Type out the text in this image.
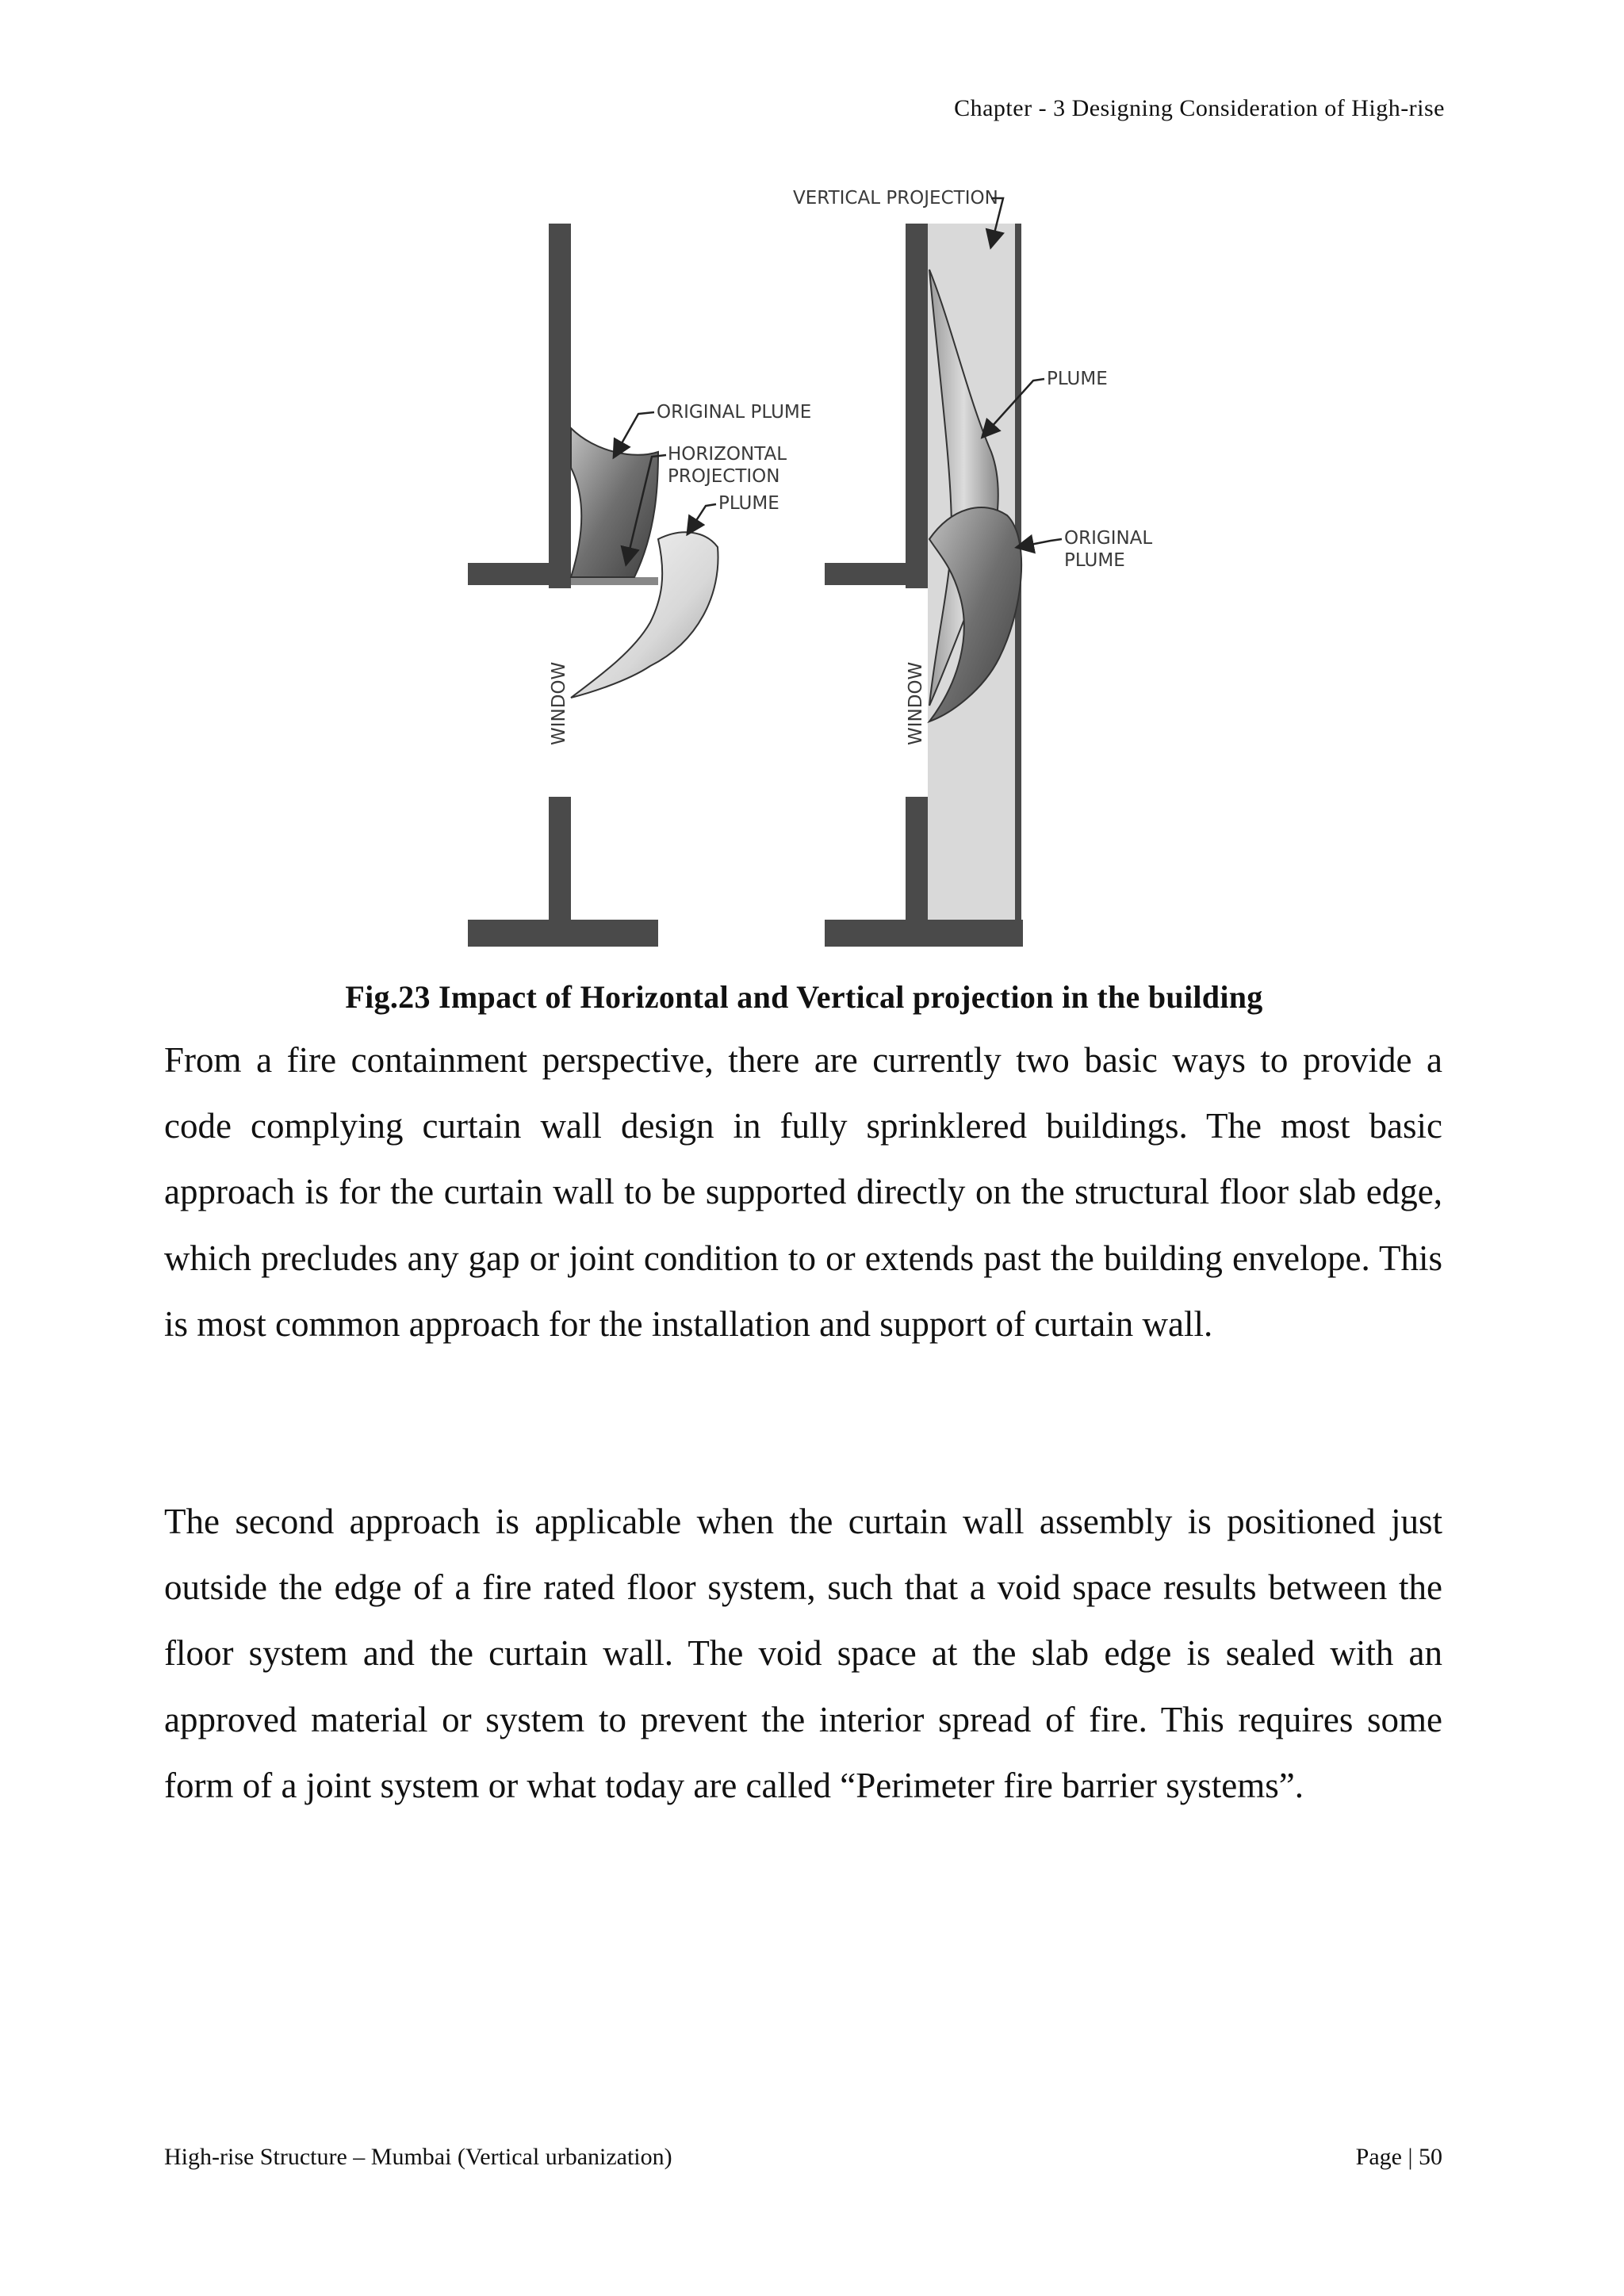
Chapter - 3 Designing Consideration of High-rise
WINDOW
ORIGINAL PLUME
HORIZONTAL
PROJECTION
PLUME
WINDOW
VERTICAL PROJECTION
PLUME
ORIGINAL
PLUME
Fig.23 Impact of Horizontal and Vertical projection in the building

From a fire containment perspective, there are currently two basic ways to provide a code complying curtain wall design in fully sprinklered buildings. The most basic approach is for the curtain wall to be supported directly on the structural floor slab edge, which precludes any gap or joint condition to or extends past the building envelope. This is most common approach for the installation and support of curtain wall.

The second approach is applicable when the curtain wall assembly is positioned just outside the edge of a fire rated floor system, such that a void space results between the floor system and the curtain wall. The void space at the slab edge is sealed with an approved material or system to prevent the interior spread of fire. This requires some form of a joint system or what today are called “Perimeter fire barrier systems”.

High-rise Structure – Mumbai (Vertical urbanization)	Page | 50
